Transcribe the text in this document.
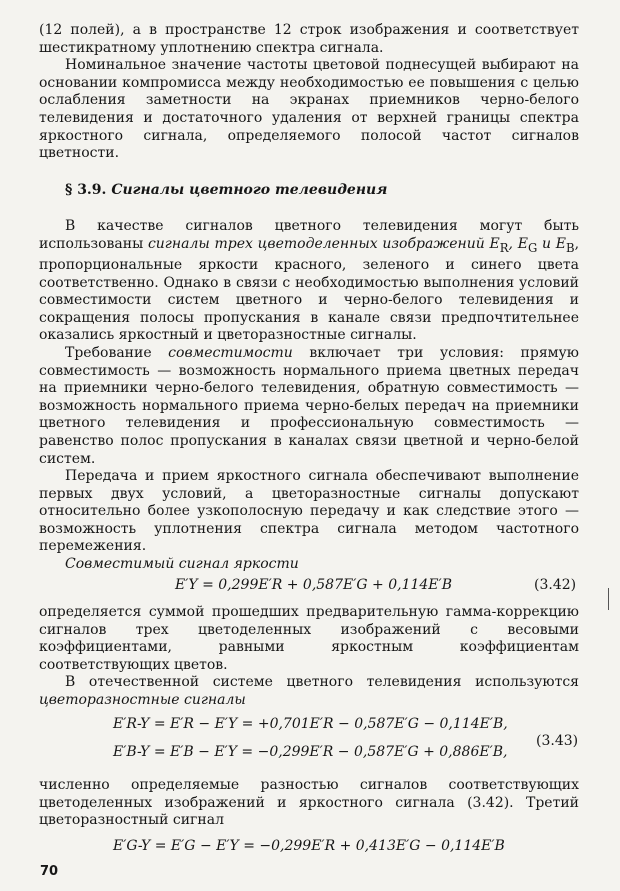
(12 полей), а в пространстве 12 строк изображения и соответствует шестикратному уплотнению спектра сигнала.

Номинальное значение частоты цветовой поднесущей выбирают на основании компромисса между необходимостью ее повышения с целью ослабления заметности на экранах приемников черно-белого телевидения и достаточного удаления от верхней границы спектра яркостного сигнала, определяемого полосой частот сигналов цветности.

§ 3.9. Сигналы цветного телевидения

В качестве сигналов цветного телевидения могут быть использованы сигналы трех цветоделенных изображений $E_R$, $E_G$ и $E_B$, пропорциональные яркости красного, зеленого и синего цвета соответственно. Однако в связи с необходимостью выполнения условий совместимости систем цветного и черно-белого телевидения и сокращения полосы пропускания в канале связи предпочтительнее оказались яркостный и цветоразностные сигналы.

Требование совместимости включает три условия: прямую совместимость — возможность нормального приема цветных передач на приемники черно-белого телевидения, обратную совместимость — возможность нормального приема черно-белых передач на приемники цветного телевидения и профессиональную совместимость — равенство полос пропускания в каналах связи цветной и черно-белой систем.

Передача и прием яркостного сигнала обеспечивают выполнение первых двух условий, а цветоразностные сигналы допускают относительно более узкополосную передачу и как следствие этого — возможность уплотнения спектра сигнала методом частотного перемежения.

Совместимый сигнал яркости

E′Y = 0,299E′R + 0,587E′G + 0,114E′B	(3.42)

определяется суммой прошедших предварительную гамма-коррекцию сигналов трех цветоделенных изображений с весовыми коэффициентами, равными яркостным коэффициентам соответствующих цветов.

В отечественной системе цветного телевидения используются цветоразностные сигналы

E′R-Y = E′R − E′Y = +0,701E′R − 0,587E′G − 0,114E′B,
E′B-Y = E′B − E′Y = −0,299E′R − 0,587E′G + 0,886E′B,
(3.43)

численно определяемые разностью сигналов соответствующих цветоделенных изображений и яркостного сигнала (3.42). Третий цветоразностный сигнал

E′G-Y = E′G − E′Y = −0,299E′R + 0,413E′G − 0,114E′B
70
